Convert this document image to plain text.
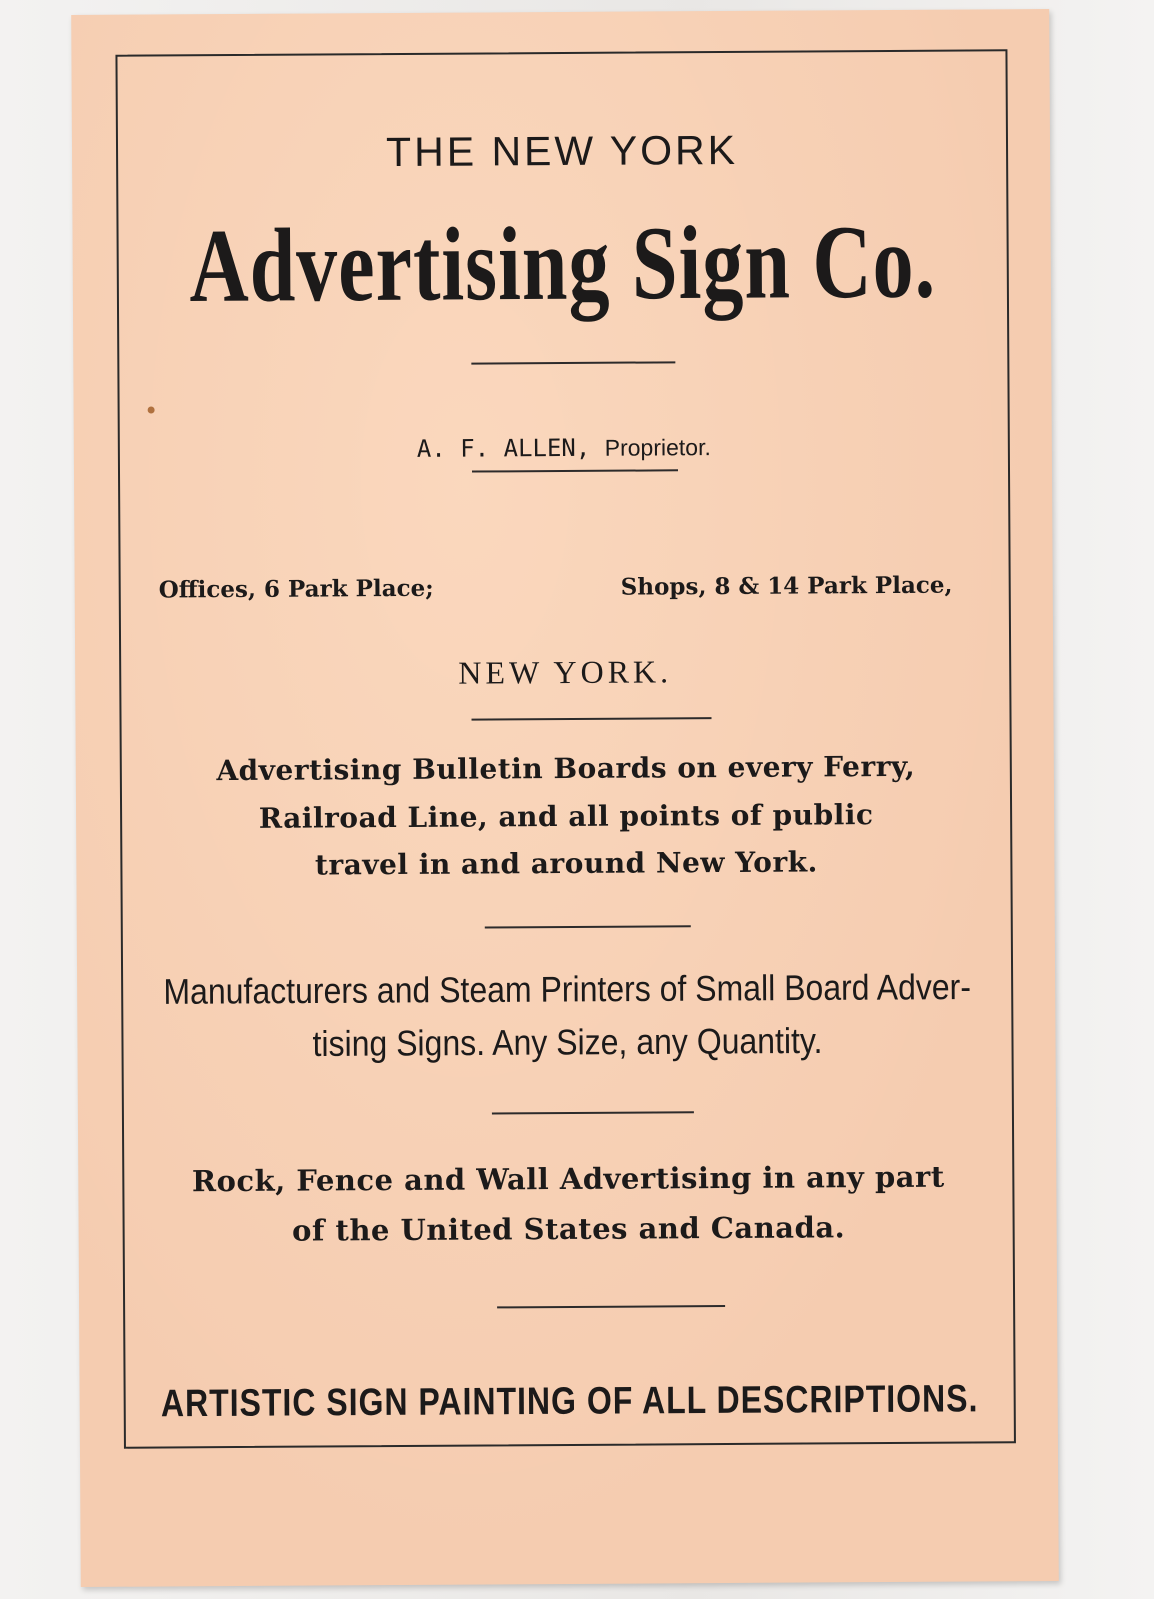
THE NEW YORK
Advertising Sign Co.
A. F. ALLEN, Proprietor.
Offices, 6 Park Place;	Shops, 8 & 14 Park Place,
NEW YORK.
Advertising Bulletin Boards on every Ferry,
Railroad Line, and all points of public
travel in and around New York.
Manufacturers and Steam Printers of Small Board Adver-
tising Signs. Any Size, any Quantity.
Rock, Fence and Wall Advertising in any part
of the United States and Canada.
ARTISTIC SIGN PAINTING OF ALL DESCRIPTIONS.
